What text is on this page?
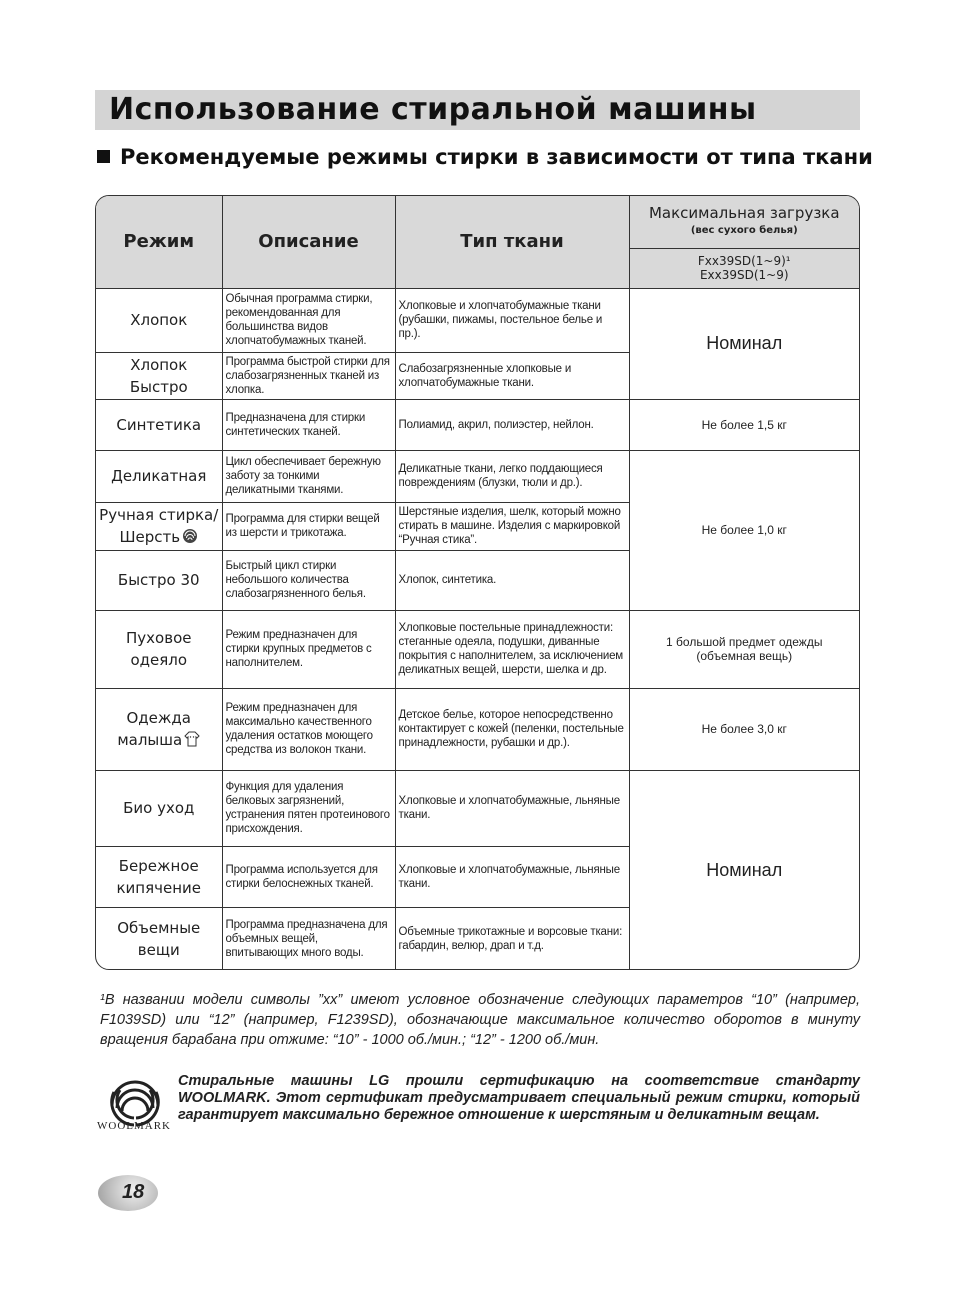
Использование стиральной машины
Рекомендуемые режимы стирки в зависимости от типа ткани
Режим	Описание	Тип ткани	Максимальная загрузка
(вес сухого белья)

			Fxx39SD(1~9)¹
Exx39SD(1~9)

Хлопок	Обычная программа стирки, рекомендованная для большинства видов хлопчатобумажных тканей.	Хлопковые и хлопчатобумажные ткани (рубашки, пижамы, постельное белье и пр.).	Номинал
Хлопок Быстро	Программа быстрой стирки для слабозагрязненных тканей из хлопка.	Слабозагрязненные хлопковые и хлопчатобумажные ткани.	
Синтетика	Предназначена для стирки синтетических тканей.	Полиамид, акрил, полиэстер, нейлон.	Не более 1,5 кг
Деликатная	Цикл обеспечивает бережную заботу за тонкими деликатными тканями.	Деликатные ткани, легко поддающиеся повреждениям (блузки, тюли и др.).	Не более 1,0 кг
Ручная стирка/ Шерсть	Программа для стирки вещей из шерсти и трикотажа.	Шерстяные изделия, шелк, который можно стирать в машине. Изделия с маркировкой “Ручная стика”.	
Быстро 30	Быстрый цикл стирки небольшого количества слабозагрязненного белья.	Хлопок, синтетика.	
Пуховое одеяло	Режим предназначен для стирки крупных предметов с наполнителем.	Хлопковые постельные принадлежности: стеганные одеяла, подушки, диванные покрытия с наполнителем, за исключением деликатных вещей, шерсти, шелка и др.	1 большой предмет одежды (объемная вещь)
Одежда малыша	Режим предназначен для максимально качественного удаления остатков моющего средства из волокон ткани.	Детское белье, которое непосредственно контактирует с кожей (пеленки, постельные принадлежности, рубашки и др.).	Не более 3,0 кг
Био уход	Функция для удаления белковых загрязнений, устранения пятен протеинового присхождения.	Хлопковые и хлопчатобумажные, льняные ткани.	Номинал
Бережное кипячение	Программа используется для стирки белоснежных тканей.	Хлопковые и хлопчатобумажные, льняные ткани.	
Объемные вещи	Программа предназначена для объемных вещей, впитывающих много воды.	Объемные трикотажные и ворсовые ткани: габардин, велюр, драп и т.д.	
¹В названии модели символы ”xx” имеют условное обозначение следующих параметров “10” (например, F1039SD) или “12” (например, F1239SD), обозначающие максимальное количество оборотов в минуту вращения барабана при отжиме: “10” - 1000 об./мин.; “12” - 1200 об./мин.
WOOLMARK
Стиральные машины LG прошли сертификацию на соответствие стандарту WOOLMARK. Этот сертификат предусматривает специальный режим стирки, который гарантирует максимально бережное отношение к шерстяным и деликатным вещам.
18
